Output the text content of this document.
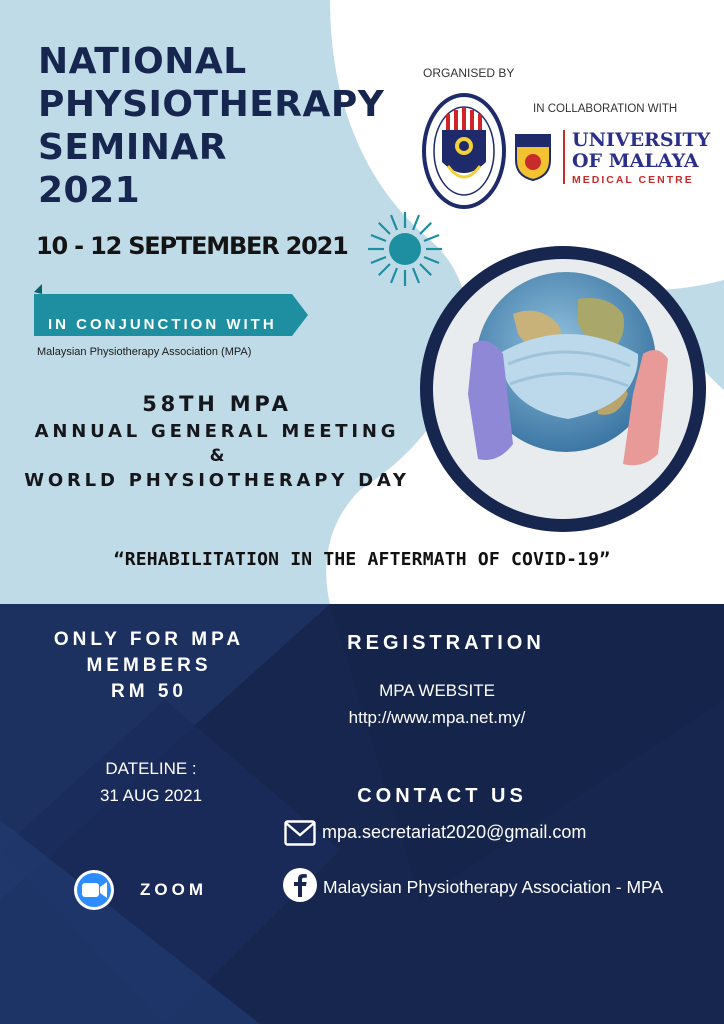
NATIONAL
PHYSIOTHERAPY
SEMINAR
2021
10 - 12 SEPTEMBER 2021
ORGANISED BY
IN COLLABORATION WITH
UNIVERSITY
OF MALAYA
MEDICAL CENTRE
IN CONJUNCTION WITH
Malaysian Physiotherapy Association (MPA)
58TH MPA
ANNUAL GENERAL MEETING
&
WORLD PHYSIOTHERAPY DAY
“REHABILITATION IN THE AFTERMATH OF COVID-19”
ONLY FOR MPA
MEMBERS
RM 50
DATELINE :
31 AUG 2021
ZOOM
REGISTRATION
MPA WEBSITE
http://www.mpa.net.my/
CONTACT US
mpa.secretariat2020@gmail.com
Malaysian Physiotherapy Association - MPA
